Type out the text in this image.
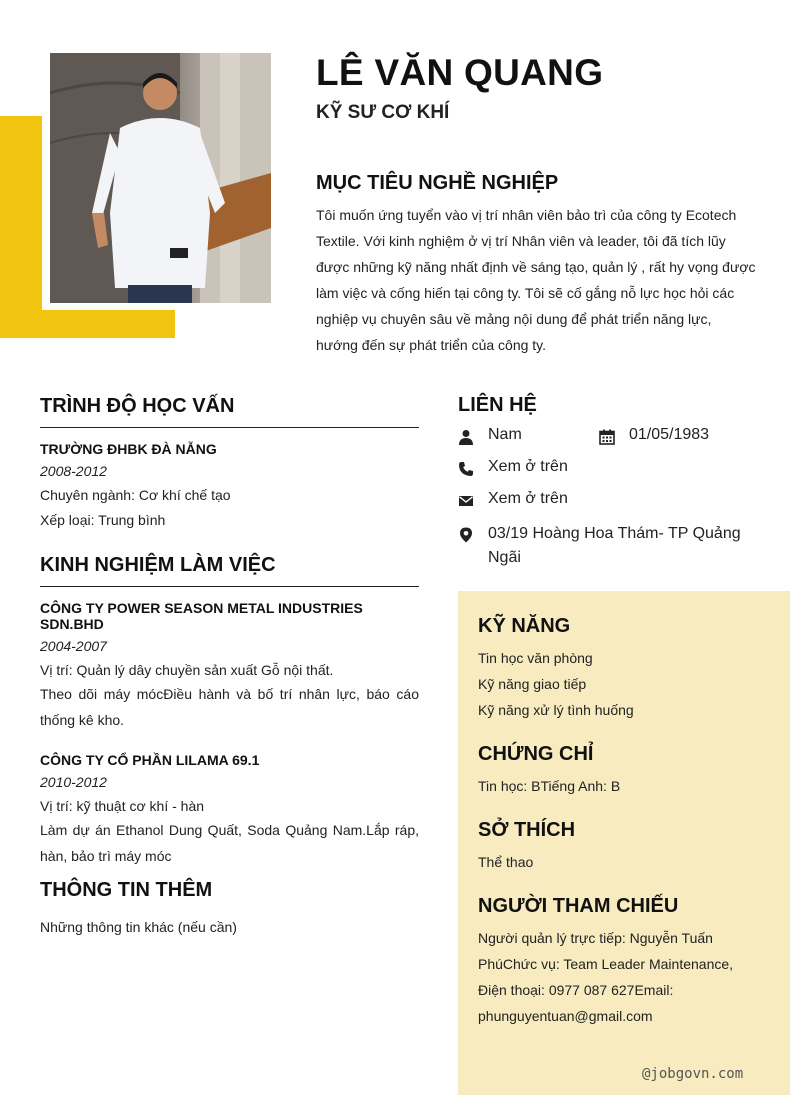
LÊ VĂN QUANG
KỸ SƯ CƠ KHÍ
MỤC TIÊU NGHỀ NGHIỆP
Tôi muốn ứng tuyển vào vị trí nhân viên bảo trì của công ty Ecotech Textile. Với kinh nghiệm ở vị trí Nhân viên và leader, tôi đã tích lũy được những kỹ năng nhất định về sáng tạo, quản lý , rất hy vọng được làm việc và cống hiến tại công ty. Tôi sẽ cố gắng nỗ lực học hỏi các nghiệp vụ chuyên sâu về mảng nội dung để phát triển năng lực, hướng đến sự phát triển của công ty.
TRÌNH ĐỘ HỌC VẤN
TRƯỜNG ĐHBK ĐÀ NẴNG
2008-2012
Chuyên ngành: Cơ khí chế tạo
Xếp loại: Trung bình
KINH NGHIỆM LÀM VIỆC
CÔNG TY POWER SEASON METAL INDUSTRIES SDN.BHD
2004-2007
Vị trí: Quản lý dây chuyền sản xuất Gỗ nội thất.
Theo dõi máy mócĐiều hành và bố trí nhân lực, báo cáo thống kê kho.
CÔNG TY CỔ PHẦN LILAMA 69.1
2010-2012
Vị trí: kỹ thuật cơ khí - hàn
Làm dự án Ethanol Dung Quất, Soda Quảng Nam.Lắp ráp, hàn, bảo trì máy móc
THÔNG TIN THÊM
Những thông tin khác (nếu cần)
LIÊN HỆ
Nam	01/05/1983
Xem ở trên
Xem ở trên
03/19 Hoàng Hoa Thám- TP Quảng Ngãi
KỸ NĂNG
Tin học văn phòng
Kỹ năng giao tiếp
Kỹ năng xử lý tình huống
CHỨNG CHỈ
Tin học: BTiếng Anh: B
SỞ THÍCH
Thể thao
NGƯỜI THAM CHIẾU
Người quản lý trực tiếp: Nguyễn Tuấn PhúChức vụ: Team Leader Maintenance, Điện thoại: 0977 087 627Email: phunguyentuan@gmail.com
@jobgovn.com
